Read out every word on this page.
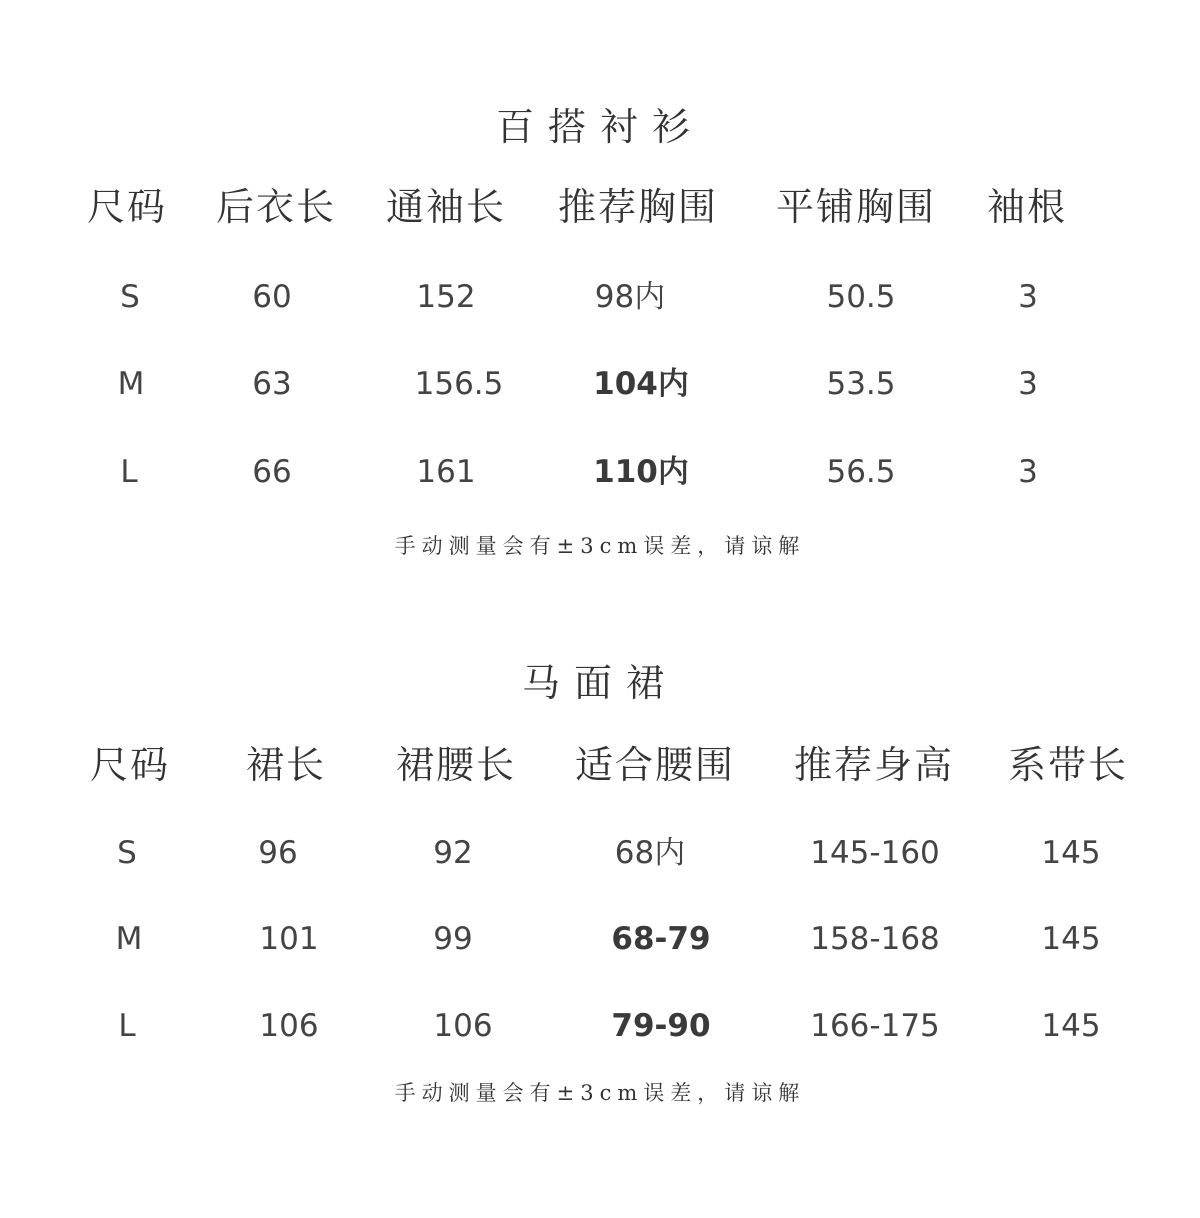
百搭衬衫
尺码 后衣长 通袖长 推荐胸围 平铺胸围 袖根
S	60	152	98内	50.5	3
M	63	156.5	104内	53.5	3
L	66	161	110内	56.5	3
手动测量会有±3cm误差，请谅解
马面裙
尺码 裙长 裙腰长 适合腰围 推荐身高 系带长
S	96	92	68内	145-160	145
M	101	99	68-79	158-168	145
L	106	106	79-90	166-175	145
手动测量会有±3cm误差，请谅解
